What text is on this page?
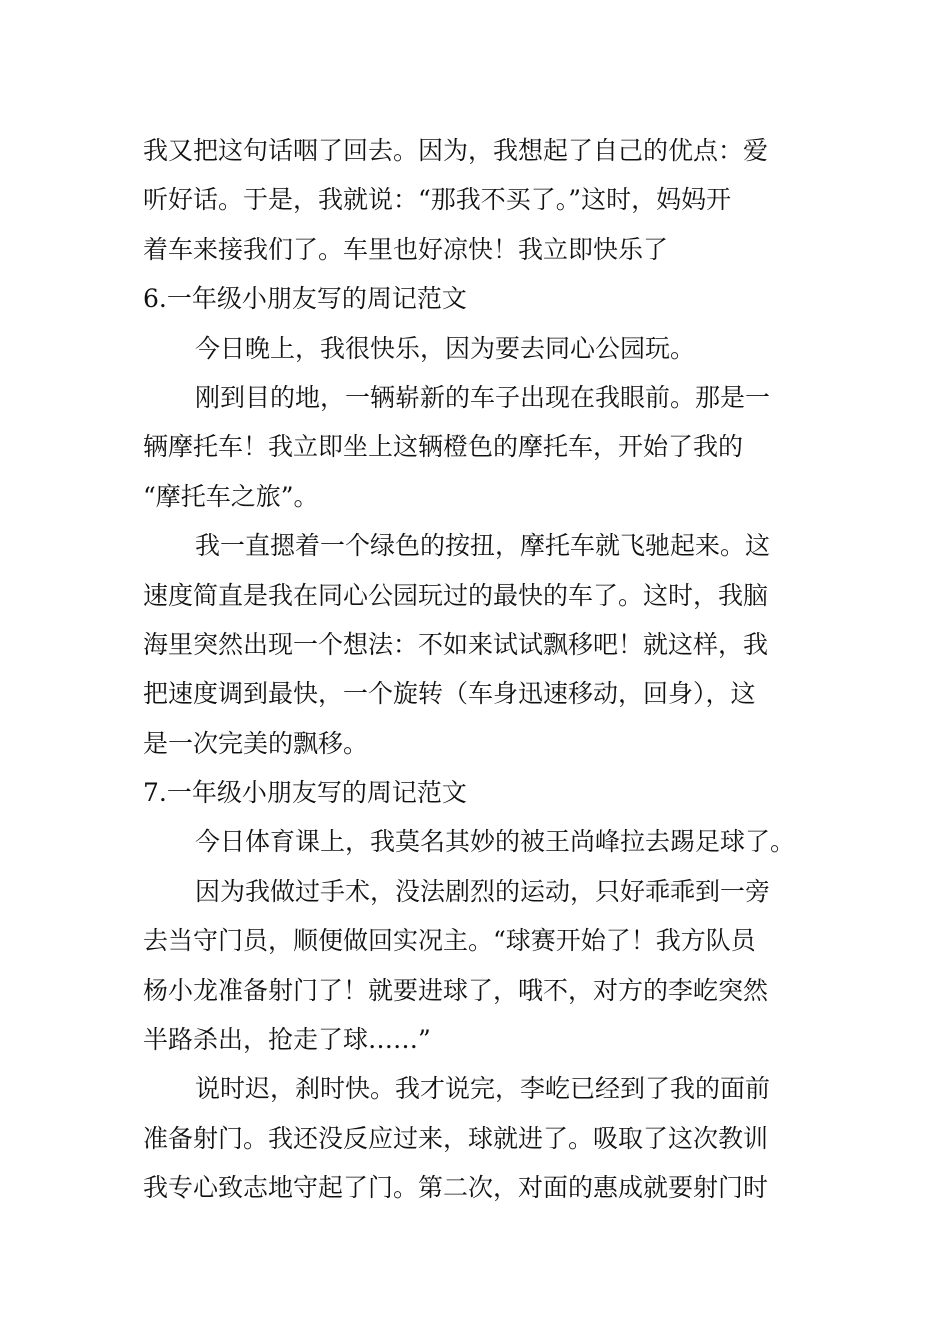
我又把这句话咽了回去。因为，我想起了自己的优点：爱
听好话。于是，我就说：“那我不买了。”这时，妈妈开
着车来接我们了。车里也好凉快！我立即快乐了
6.一年级小朋友写的周记范文
今日晚上，我很快乐，因为要去同心公园玩。
刚到目的地，一辆崭新的车子出现在我眼前。那是一
辆摩托车！我立即坐上这辆橙色的摩托车，开始了我的
“摩托车之旅”。
我一直摁着一个绿色的按扭，摩托车就飞驰起来。这
速度简直是我在同心公园玩过的最快的车了。这时，我脑
海里突然出现一个想法：不如来试试飘移吧！就这样，我
把速度调到最快，一个旋转（车身迅速移动，回身），这
是一次完美的飘移。
7.一年级小朋友写的周记范文
今日体育课上，我莫名其妙的被王尚峰拉去踢足球了。
因为我做过手术，没法剧烈的运动，只好乖乖到一旁
去当守门员，顺便做回实况主。“球赛开始了！我方队员
杨小龙准备射门了！就要进球了，哦不，对方的李屹突然
半路杀出，抢走了球……”
说时迟，刹时快。我才说完，李屹已经到了我的面前
准备射门。我还没反应过来，球就进了。吸取了这次教训
我专心致志地守起了门。第二次，对面的惠成就要射门时
